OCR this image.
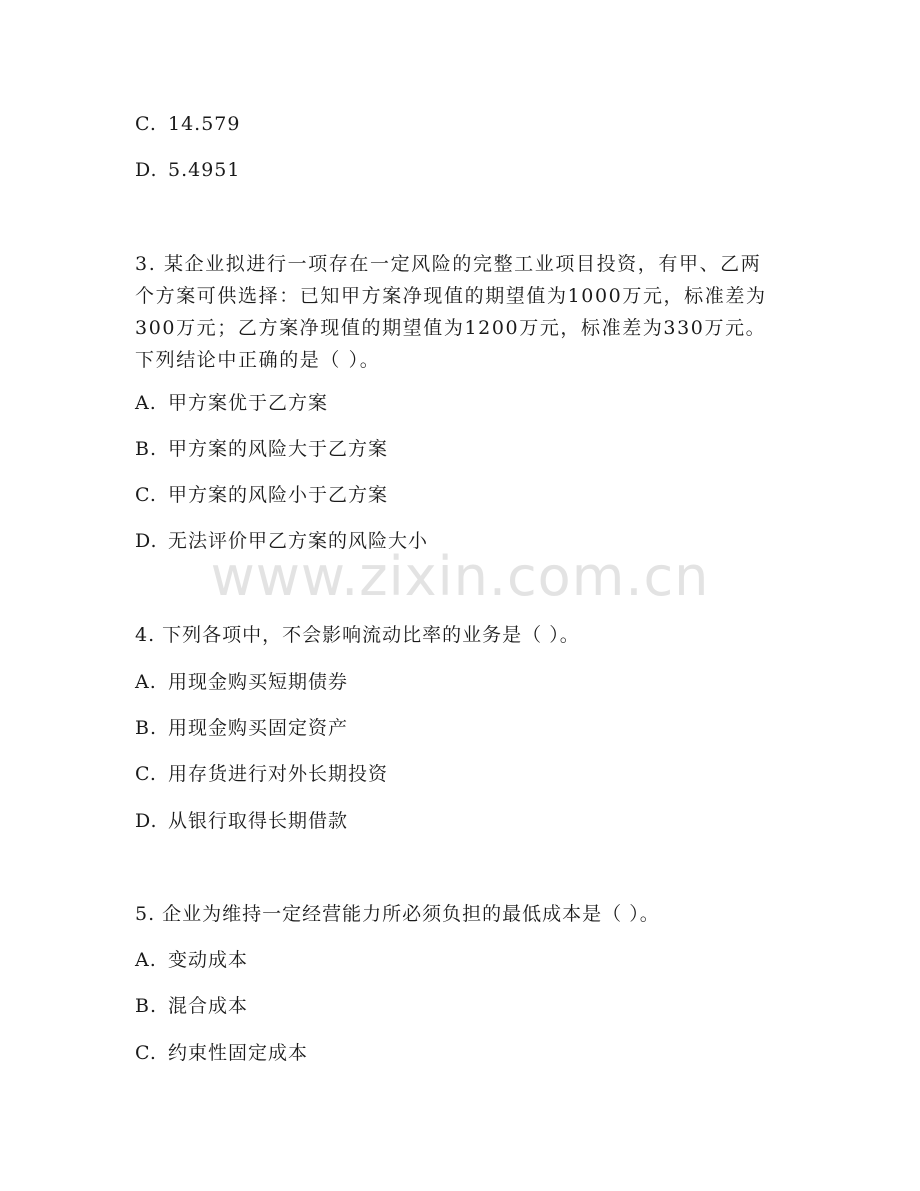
C. 14.579
D. 5.4951
3. 某企业拟进行一项存在一定风险的完整工业项目投资，有甲、乙两
个方案可供选择：已知甲方案净现值的期望值为1000万元，标准差为
300万元；乙方案净现值的期望值为1200万元，标准差为330万元。
下列结论中正确的是（ ）。
A. 甲方案优于乙方案
B. 甲方案的风险大于乙方案
C. 甲方案的风险小于乙方案
D. 无法评价甲乙方案的风险大小
www.zixin.com.cn
4. 下列各项中，不会影响流动比率的业务是（ ）。
A. 用现金购买短期债券
B. 用现金购买固定资产
C. 用存货进行对外长期投资
D. 从银行取得长期借款
5. 企业为维持一定经营能力所必须负担的最低成本是（ ）。
A. 变动成本
B. 混合成本
C. 约束性固定成本
